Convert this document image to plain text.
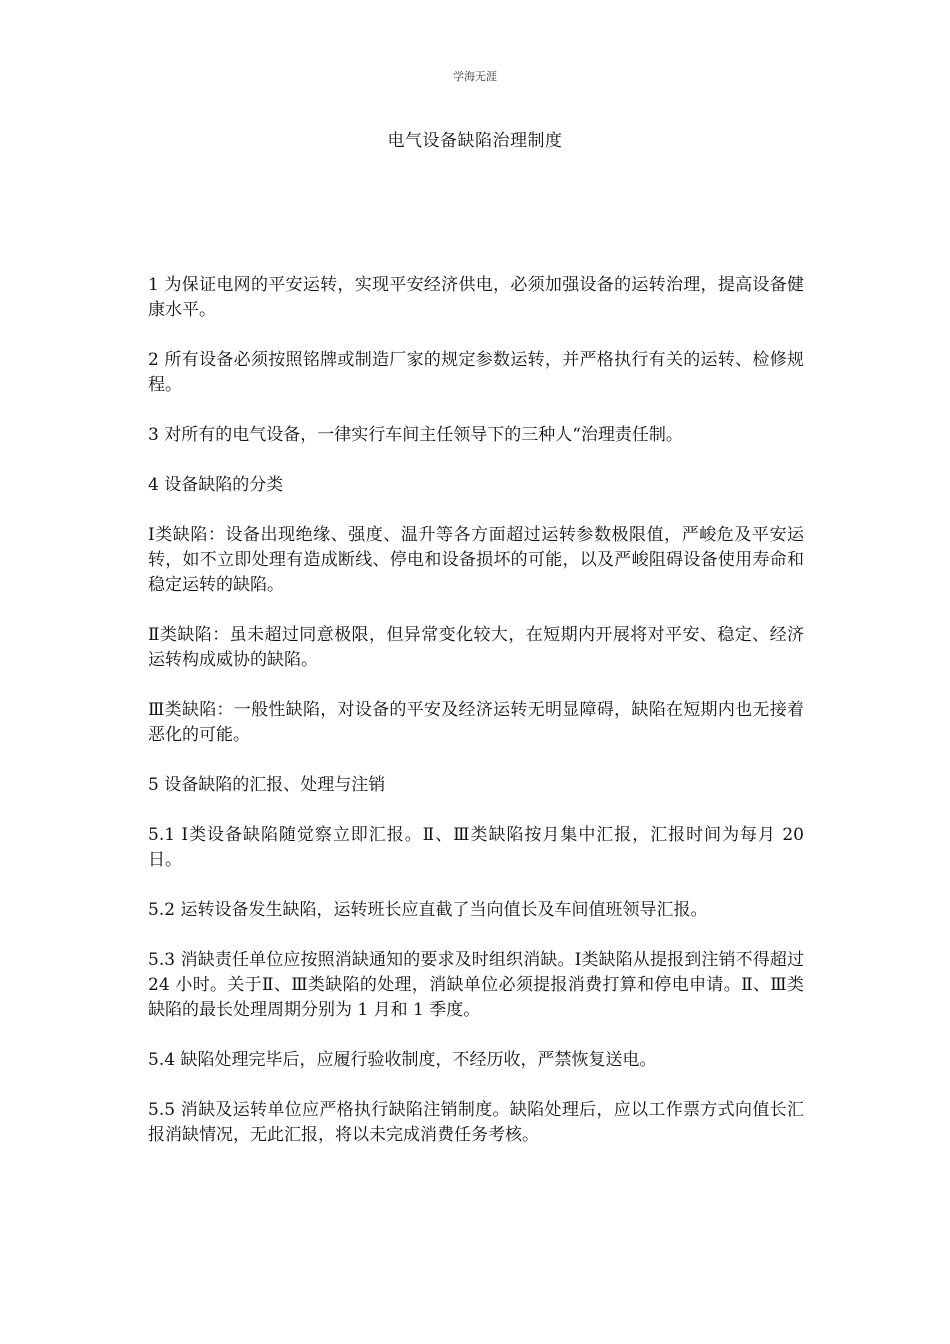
学海无涯
电气设备缺陷治理制度

1 为保证电网的平安运转，实现平安经济供电，必须加强设备的运转治理，提高设备健康水平。

2 所有设备必须按照铭牌或制造厂家的规定参数运转，并严格执行有关的运转、检修规程。

3 对所有的电气设备，一律实行车间主任领导下的三种人“治理责任制。

4 设备缺陷的分类

Ⅰ类缺陷：设备出现绝缘、强度、温升等各方面超过运转参数极限值，严峻危及平安运转，如不立即处理有造成断线、停电和设备损坏的可能，以及严峻阻碍设备使用寿命和稳定运转的缺陷。

Ⅱ类缺陷：虽未超过同意极限，但异常变化较大，在短期内开展将对平安、稳定、经济运转构成威协的缺陷。

Ⅲ类缺陷：一般性缺陷，对设备的平安及经济运转无明显障碍，缺陷在短期内也无接着恶化的可能。

5 设备缺陷的汇报、处理与注销

5.1 Ⅰ类设备缺陷随觉察立即汇报。Ⅱ、Ⅲ类缺陷按月集中汇报，汇报时间为每月 20 日。

5.2 运转设备发生缺陷，运转班长应直截了当向值长及车间值班领导汇报。

5.3 消缺责任单位应按照消缺通知的要求及时组织消缺。Ⅰ类缺陷从提报到注销不得超过 24 小时。关于Ⅱ、Ⅲ类缺陷的处理，消缺单位必须提报消费打算和停电申请。Ⅱ、Ⅲ类缺陷的最长处理周期分别为 1 月和 1 季度。

5.4 缺陷处理完毕后，应履行验收制度，不经历收，严禁恢复送电。

5.5 消缺及运转单位应严格执行缺陷注销制度。缺陷处理后，应以工作票方式向值长汇报消缺情况，无此汇报，将以未完成消费任务考核。
